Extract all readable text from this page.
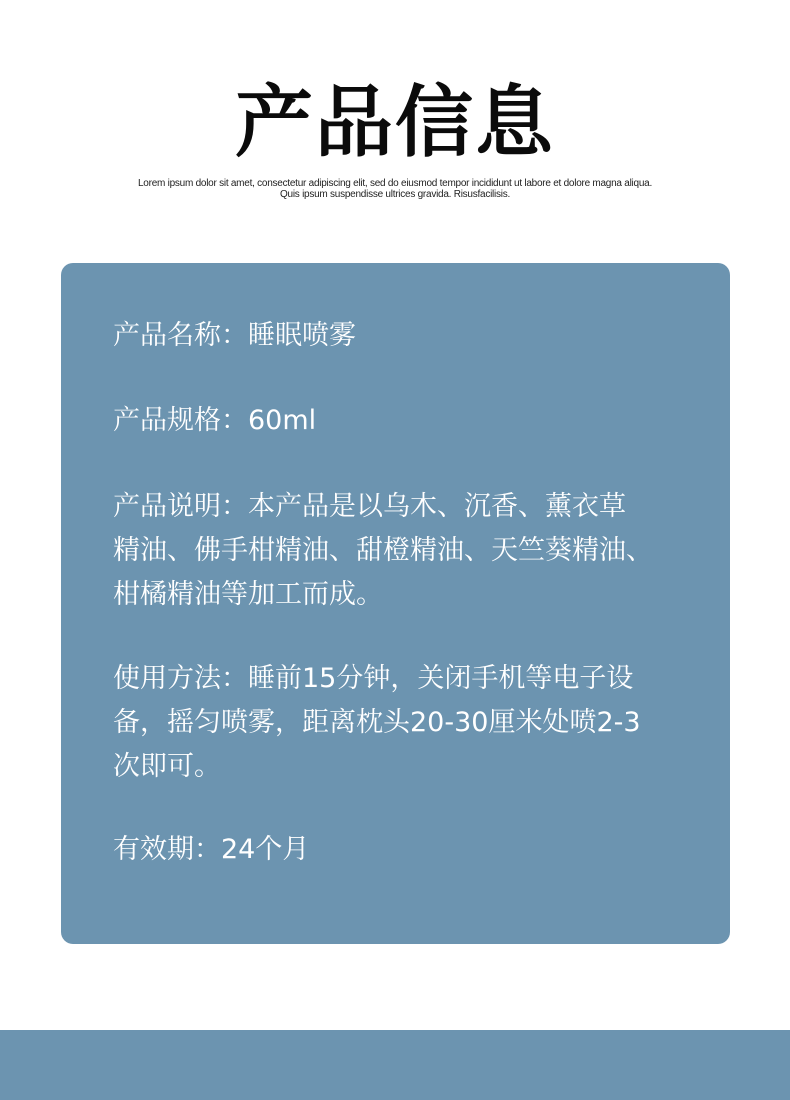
产品信息
Lorem ipsum dolor sit amet, consectetur adipiscing elit, sed do eiusmod tempor incididunt ut labore et dolore magna aliqua.
Quis ipsum suspendisse ultrices gravida. Risusfacilisis.
产品名称：睡眠喷雾
产品规格：60ml
产品说明：本产品是以乌木、沉香、薰衣草
精油、佛手柑精油、甜橙精油、天竺葵精油、
柑橘精油等加工而成。
使用方法：睡前15分钟，关闭手机等电子设
备，摇匀喷雾，距离枕头20-30厘米处喷2-3
次即可。
有效期：24个月
